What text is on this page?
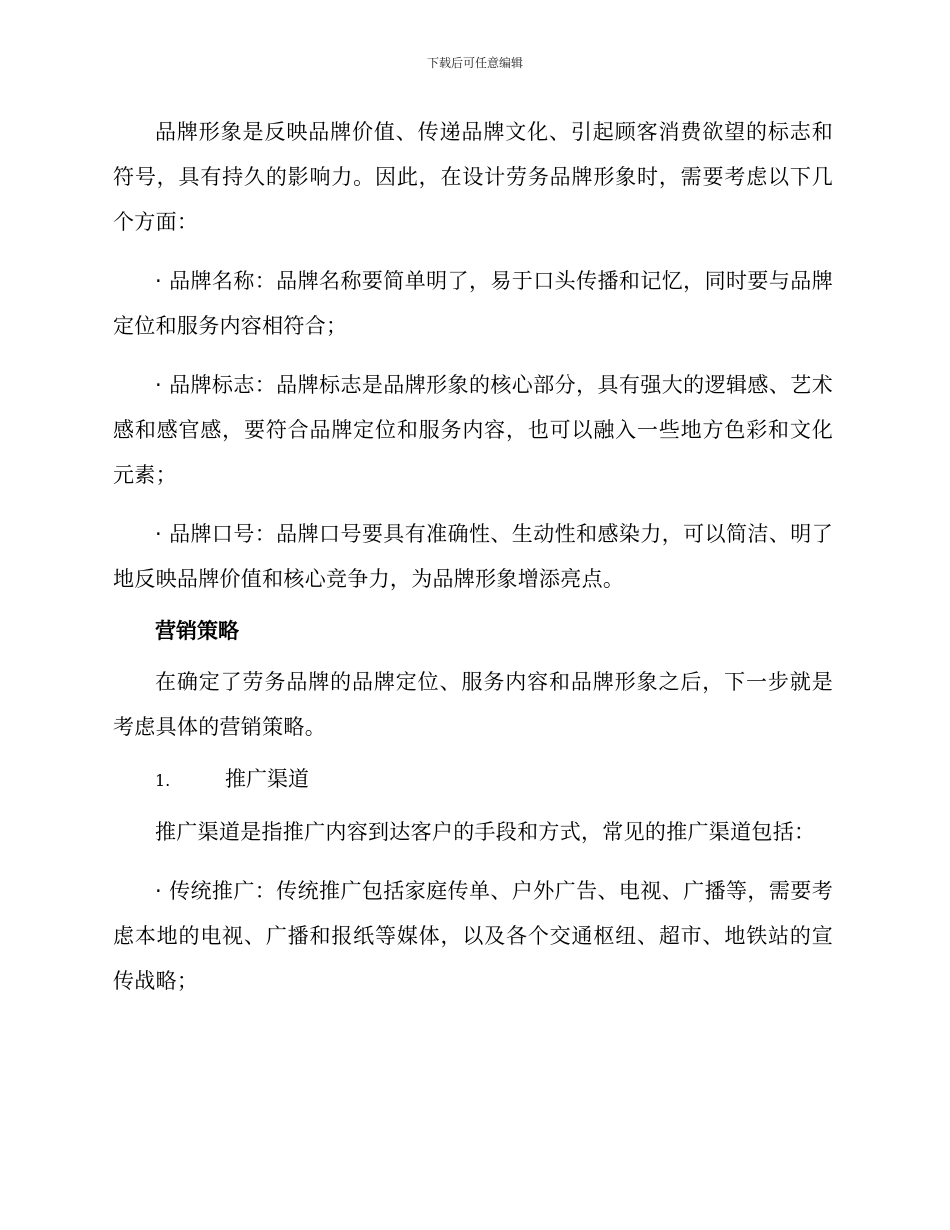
下载后可任意编辑

品牌形象是反映品牌价值、传递品牌文化、引起顾客消费欲望的标志和符号，具有持久的影响力。因此，在设计劳务品牌形象时，需要考虑以下几个方面：

· 品牌名称：品牌名称要简单明了，易于口头传播和记忆，同时要与品牌定位和服务内容相符合；

· 品牌标志：品牌标志是品牌形象的核心部分，具有强大的逻辑感、艺术感和感官感，要符合品牌定位和服务内容，也可以融入一些地方色彩和文化元素；

· 品牌口号：品牌口号要具有准确性、生动性和感染力，可以简洁、明了地反映品牌价值和核心竞争力，为品牌形象增添亮点。

营销策略

在确定了劳务品牌的品牌定位、服务内容和品牌形象之后，下一步就是考虑具体的营销策略。

1.	推广渠道

推广渠道是指推广内容到达客户的手段和方式，常见的推广渠道包括：

· 传统推广：传统推广包括家庭传单、户外广告、电视、广播等，需要考虑本地的电视、广播和报纸等媒体，以及各个交通枢纽、超市、地铁站的宣传战略；
